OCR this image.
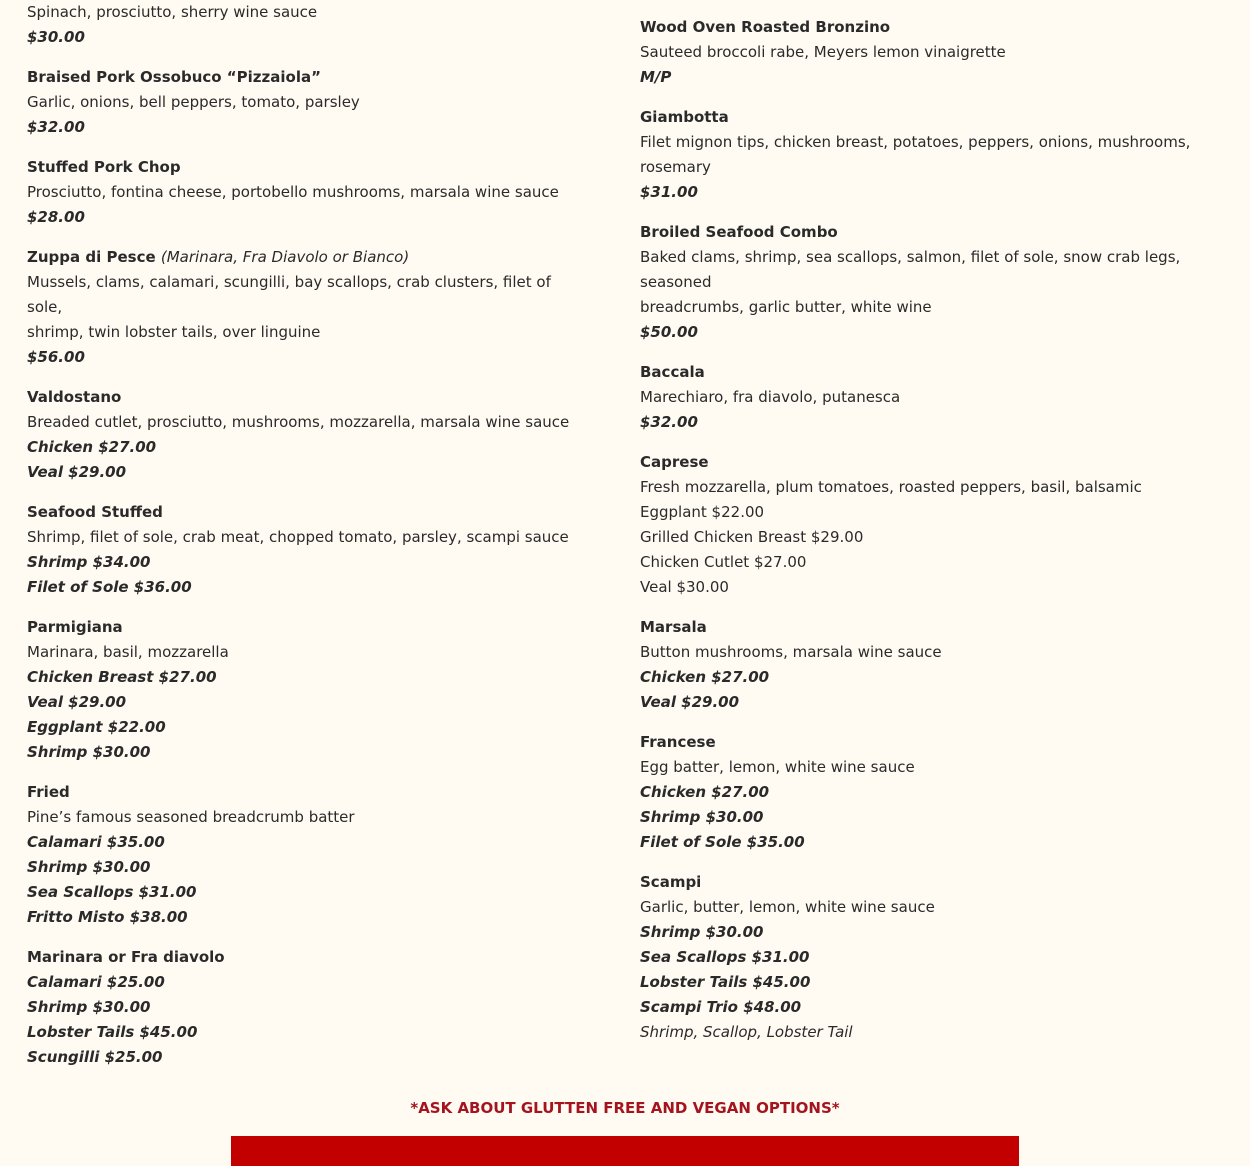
Spinach, prosciutto, sherry wine sauce
$30.00
Braised Pork Ossobuco “Pizzaiola”
Garlic, onions, bell peppers, tomato, parsley
$32.00
Stuffed Pork Chop
Prosciutto, fontina cheese, portobello mushrooms, marsala wine sauce
$28.00
Zuppa di Pesce (Marinara, Fra Diavolo or Bianco)
Mussels, clams, calamari, scungilli, bay scallops, crab clusters, filet of sole,
shrimp, twin lobster tails, over linguine
$56.00
Valdostano
Breaded cutlet, prosciutto, mushrooms, mozzarella, marsala wine sauce
Chicken $27.00
Veal $29.00
Seafood Stuffed
Shrimp, filet of sole, crab meat, chopped tomato, parsley, scampi sauce
Shrimp $34.00
Filet of Sole $36.00
Parmigiana
Marinara, basil, mozzarella
Chicken Breast $27.00
Veal $29.00
Eggplant $22.00
Shrimp $30.00
Fried
Pine’s famous seasoned breadcrumb batter
Calamari $35.00
Shrimp $30.00
Sea Scallops $31.00
Fritto Misto $38.00
Marinara or Fra diavolo
Calamari $25.00
Shrimp $30.00
Lobster Tails $45.00
Scungilli $25.00
Wood Oven Roasted Bronzino
Sauteed broccoli rabe, Meyers lemon vinaigrette
M/P
Giambotta
Filet mignon tips, chicken breast, potatoes, peppers, onions, mushrooms,
rosemary
$31.00
Broiled Seafood Combo
Baked clams, shrimp, sea scallops, salmon, filet of sole, snow crab legs, seasoned
breadcrumbs, garlic butter, white wine
$50.00
Baccala
Marechiaro, fra diavolo, putanesca
$32.00
Caprese
Fresh mozzarella, plum tomatoes, roasted peppers, basil, balsamic
Eggplant $22.00
Grilled Chicken Breast $29.00
Chicken Cutlet $27.00
Veal $30.00
Marsala
Button mushrooms, marsala wine sauce
Chicken $27.00
Veal $29.00
Francese
Egg batter, lemon, white wine sauce
Chicken $27.00
Shrimp $30.00
Filet of Sole $35.00
Scampi
Garlic, butter, lemon, white wine sauce
Shrimp $30.00
Sea Scallops $31.00
Lobster Tails $45.00
Scampi Trio $48.00
Shrimp, Scallop, Lobster Tail
*ASK ABOUT GLUTTEN FREE AND VEGAN OPTIONS*
